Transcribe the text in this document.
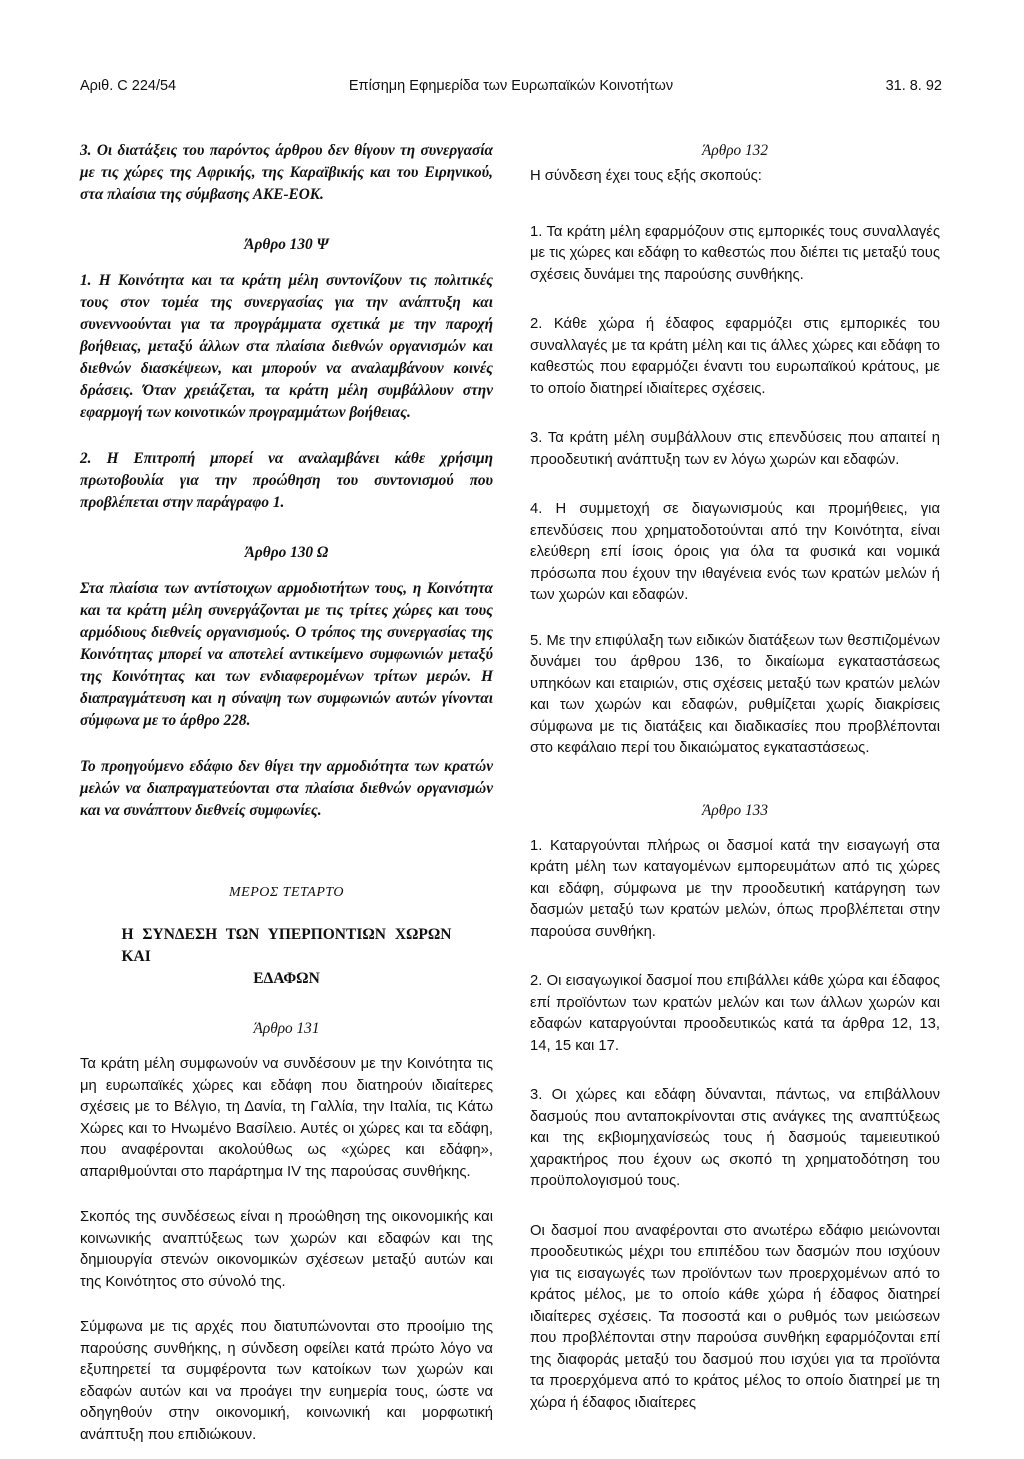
Αριθ. C 224/54	Επίσημη Εφημερίδα των Ευρωπαϊκών Κοινοτήτων	31. 8. 92

3. Οι διατάξεις του παρόντος άρθρου δεν θίγουν τη συνεργασία με τις χώρες της Αφρικής, της Καραϊβικής και του Ειρηνικού, στα πλαίσια της σύμβασης ΑΚΕ-ΕΟΚ.

Άρθρο 130 Ψ

1. Η Κοινότητα και τα κράτη μέλη συντονίζουν τις πολιτικές τους στον τομέα της συνεργασίας για την ανάπτυξη και συνεννοούνται για τα προγράμματα σχετικά με την παροχή βοήθειας, μεταξύ άλλων στα πλαίσια διεθνών οργανισμών και διεθνών διασκέψεων, και μπορούν να αναλαμβάνουν κοινές δράσεις. Όταν χρειάζεται, τα κράτη μέλη συμβάλλουν στην εφαρμογή των κοινοτικών προγραμμάτων βοήθειας.

2. Η Επιτροπή μπορεί να αναλαμβάνει κάθε χρήσιμη πρωτοβουλία για την προώθηση του συντονισμού που προβλέπεται στην παράγραφο 1.

Άρθρο 130 Ω

Στα πλαίσια των αντίστοιχων αρμοδιοτήτων τους, η Κοινότητα και τα κράτη μέλη συνεργάζονται με τις τρίτες χώρες και τους αρμόδιους διεθνείς οργανισμούς. Ο τρόπος της συνεργασίας της Κοινότητας μπορεί να αποτελεί αντικείμενο συμφωνιών μεταξύ της Κοινότητας και των ενδιαφερομένων τρίτων μερών. Η διαπραγμάτευση και η σύναψη των συμφωνιών αυτών γίνονται σύμφωνα με το άρθρο 228.

Το προηγούμενο εδάφιο δεν θίγει την αρμοδιότητα των κρατών μελών να διαπραγματεύονται στα πλαίσια διεθνών οργανισμών και να συνάπτουν διεθνείς συμφωνίες.

ΜΕΡΟΣ ΤΕΤΑΡΤΟ

Η ΣΥΝΔΕΣΗ ΤΩΝ ΥΠΕΡΠΟΝΤΙΩΝ ΧΩΡΩΝ ΚΑΙ
ΕΔΑΦΩΝ

Άρθρο 131

Τα κράτη μέλη συμφωνούν να συνδέσουν με την Κοινότητα τις μη ευρωπαϊκές χώρες και εδάφη που διατηρούν ιδιαίτερες σχέσεις με το Βέλγιο, τη Δανία, τη Γαλλία, την Ιταλία, τις Κάτω Χώρες και το Ηνωμένο Βασίλειο. Αυτές οι χώρες και τα εδάφη, που αναφέρονται ακολούθως ως «χώρες και εδάφη», απαριθμούνται στο παράρτημα IV της παρούσας συνθήκης.

Σκοπός της συνδέσεως είναι η προώθηση της οικονομικής και κοινωνικής αναπτύξεως των χωρών και εδαφών και της δημιουργία στενών οικονομικών σχέσεων μεταξύ αυτών και της Κοινότητος στο σύνολό της.

Σύμφωνα με τις αρχές που διατυπώνονται στο προοίμιο της παρούσης συνθήκης, η σύνδεση οφείλει κατά πρώτο λόγο να εξυπηρετεί τα συμφέροντα των κατοίκων των χωρών και εδαφών αυτών και να προάγει την ευημερία τους, ώστε να οδηγηθούν στην οικονομική, κοινωνική και μορφωτική ανάπτυξη που επιδιώκουν.

Άρθρο 132

Η σύνδεση έχει τους εξής σκοπούς:

1. Τα κράτη μέλη εφαρμόζουν στις εμπορικές τους συναλλαγές με τις χώρες και εδάφη το καθεστώς που διέπει τις μεταξύ τους σχέσεις δυνάμει της παρούσης συνθήκης.

2. Κάθε χώρα ή έδαφος εφαρμόζει στις εμπορικές του συναλλαγές με τα κράτη μέλη και τις άλλες χώρες και εδάφη το καθεστώς που εφαρμόζει έναντι του ευρωπαϊκού κράτους, με το οποίο διατηρεί ιδιαίτερες σχέσεις.

3. Τα κράτη μέλη συμβάλλουν στις επενδύσεις που απαιτεί η προοδευτική ανάπτυξη των εν λόγω χωρών και εδαφών.

4. Η συμμετοχή σε διαγωνισμούς και προμήθειες, για επενδύσεις που χρηματοδοτούνται από την Κοινότητα, είναι ελεύθερη επί ίσοις όροις για όλα τα φυσικά και νομικά πρόσωπα που έχουν την ιθαγένεια ενός των κρατών μελών ή των χωρών και εδαφών.

5. Με την επιφύλαξη των ειδικών διατάξεων των θεσπιζομένων δυνάμει του άρθρου 136, το δικαίωμα εγκαταστάσεως υπηκόων και εταιριών, στις σχέσεις μεταξύ των κρατών μελών και των χωρών και εδαφών, ρυθμίζεται χωρίς διακρίσεις σύμφωνα με τις διατάξεις και διαδικασίες που προβλέπονται στο κεφάλαιο περί του δικαιώματος εγκαταστάσεως.

Άρθρο 133

1. Καταργούνται πλήρως οι δασμοί κατά την εισαγωγή στα κράτη μέλη των καταγομένων εμπορευμάτων από τις χώρες και εδάφη, σύμφωνα με την προοδευτική κατάργηση των δασμών μεταξύ των κρατών μελών, όπως προβλέπεται στην παρούσα συνθήκη.

2. Οι εισαγωγικοί δασμοί που επιβάλλει κάθε χώρα και έδαφος επί προϊόντων των κρατών μελών και των άλλων χωρών και εδαφών καταργούνται προοδευτικώς κατά τα άρθρα 12, 13, 14, 15 και 17.

3. Οι χώρες και εδάφη δύνανται, πάντως, να επιβάλλουν δασμούς που ανταποκρίνονται στις ανάγκες της αναπτύξεως και της εκβιομηχανίσεώς τους ή δασμούς ταμειευτικού χαρακτήρος που έχουν ως σκοπό τη χρηματοδότηση του προϋπολογισμού τους.

Οι δασμοί που αναφέρονται στο ανωτέρω εδάφιο μειώνονται προοδευτικώς μέχρι του επιπέδου των δασμών που ισχύουν για τις εισαγωγές των προϊόντων των προερχομένων από το κράτος μέλος, με το οποίο κάθε χώρα ή έδαφος διατηρεί ιδιαίτερες σχέσεις. Τα ποσοστά και ο ρυθμός των μειώσεων που προβλέπονται στην παρούσα συνθήκη εφαρμόζονται επί της διαφοράς μεταξύ του δασμού που ισχύει για τα προϊόντα τα προερχόμενα από το κράτος μέλος το οποίο διατηρεί με τη χώρα ή έδαφος ιδιαίτερες
